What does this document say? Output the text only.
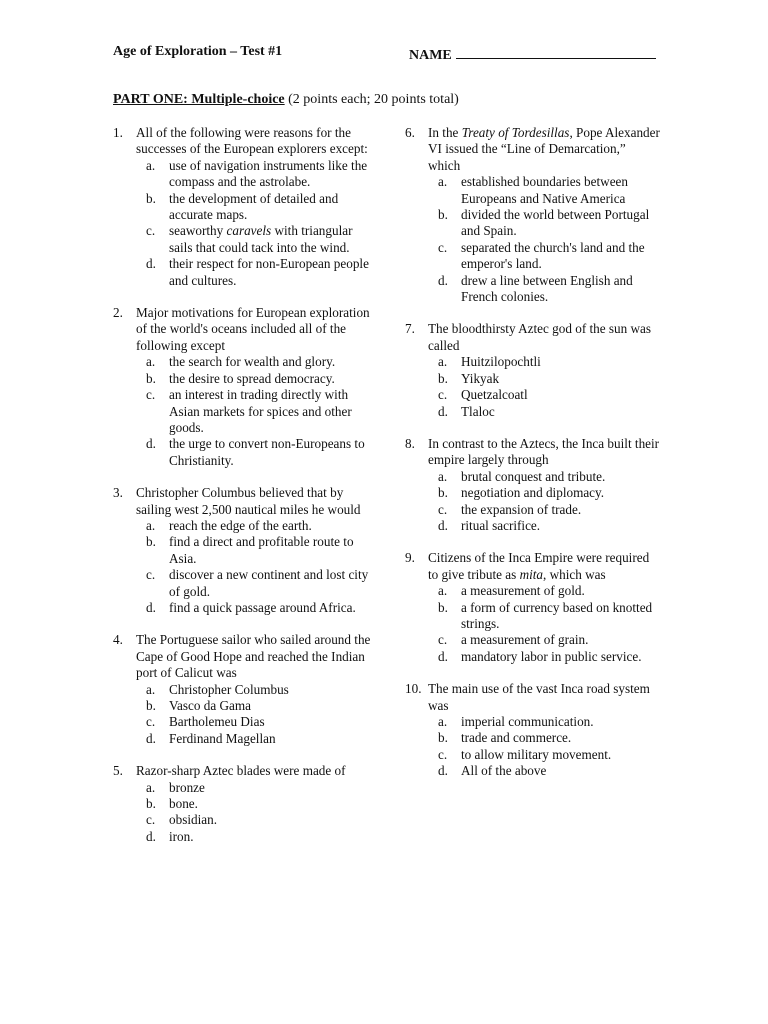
Age of Exploration – Test #1	NAME
PART ONE: Multiple-choice (2 points each; 20 points total)
1. All of the following were reasons for the successes of the European explorers except:
a. use of navigation instruments like the compass and the astrolabe.
b. the development of detailed and accurate maps.
c. seaworthy caravels with triangular sails that could tack into the wind.
d. their respect for non-European people and cultures.
2. Major motivations for European exploration of the world's oceans included all of the following except
a. the search for wealth and glory.
b. the desire to spread democracy.
c. an interest in trading directly with Asian markets for spices and other goods.
d. the urge to convert non-Europeans to Christianity.
3. Christopher Columbus believed that by sailing west 2,500 nautical miles he would
a. reach the edge of the earth.
b. find a direct and profitable route to Asia.
c. discover a new continent and lost city of gold.
d. find a quick passage around Africa.
4. The Portuguese sailor who sailed around the Cape of Good Hope and reached the Indian port of Calicut was
a. Christopher Columbus
b. Vasco da Gama
c. Bartholemeu Dias
d. Ferdinand Magellan
5. Razor-sharp Aztec blades were made of
a. bronze
b. bone.
c. obsidian.
d. iron.
6. In the Treaty of Tordesillas, Pope Alexander VI issued the “Line of Demarcation,” which
a. established boundaries between Europeans and Native America
b. divided the world between Portugal and Spain.
c. separated the church's land and the emperor's land.
d. drew a line between English and French colonies.
7. The bloodthirsty Aztec god of the sun was called
a. Huitzilopochtli
b. Yikyak
c. Quetzalcoatl
d. Tlaloc
8. In contrast to the Aztecs, the Inca built their empire largely through
a. brutal conquest and tribute.
b. negotiation and diplomacy.
c. the expansion of trade.
d. ritual sacrifice.
9. Citizens of the Inca Empire were required to give tribute as mita, which was
a. a measurement of gold.
b. a form of currency based on knotted strings.
c. a measurement of grain.
d. mandatory labor in public service.
10. The main use of the vast Inca road system was
a. imperial communication.
b. trade and commerce.
c. to allow military movement.
d. All of the above
